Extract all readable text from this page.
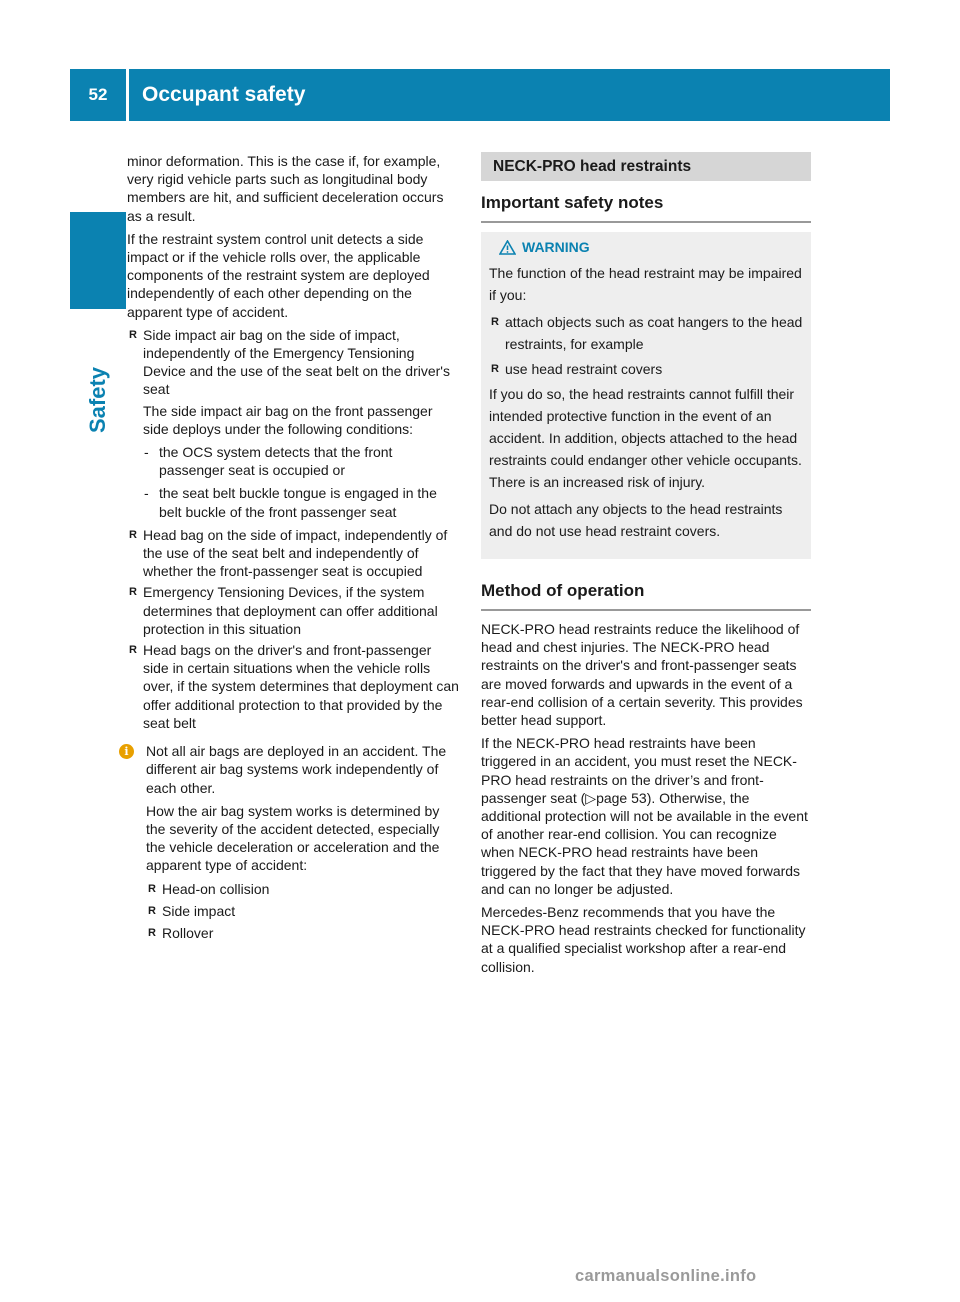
52	Occupant safety
Safety

minor deformation. This is the case if, for example, very rigid vehicle parts such as longitudinal body members are hit, and sufficient deceleration occurs as a result.

If the restraint system control unit detects a side impact or if the vehicle rolls over, the applicable components of the restraint system are deployed independently of each other depending on the apparent type of accident.

R Side impact air bag on the side of impact, independently of the Emergency Tensioning Device and the use of the seat belt on the driver's seat

The side impact air bag on the front passenger side deploys under the following conditions:

- the OCS system detects that the front passenger seat is occupied or
- the seat belt buckle tongue is engaged in the belt buckle of the front passenger seat
R Head bag on the side of impact, independently of the use of the seat belt and independently of whether the front-passenger seat is occupied
R Emergency Tensioning Devices, if the system determines that deployment can offer additional protection in this situation
R Head bags on the driver's and front-passenger side in certain situations when the vehicle rolls over, if the system determines that deployment can offer additional protection to that provided by the seat belt
i	Not all air bags are deployed in an accident. The different air bag systems work independently of each other.

How the air bag system works is determined by the severity of the accident detected, especially the vehicle deceleration or acceleration and the apparent type of accident:

R Head-on collision
R Side impact
R Rollover
NECK-PRO head restraints
Important safety notes
WARNING

The function of the head restraint may be impaired if you:

R attach objects such as coat hangers to the head restraints, for example
R use head restraint covers

If you do so, the head restraints cannot fulfill their intended protective function in the event of an accident. In addition, objects attached to the head restraints could endanger other vehicle occupants. There is an increased risk of injury.

Do not attach any objects to the head restraints and do not use head restraint covers.

Method of operation

NECK-PRO head restraints reduce the likelihood of head and chest injuries. The NECK-PRO head restraints on the driver's and front-passenger seats are moved forwards and upwards in the event of a rear-end collision of a certain severity. This provides better head support.

If the NECK-PRO head restraints have been triggered in an accident, you must reset the NECK-PRO head restraints on the driver’s and front-passenger seat (▷page 53). Otherwise, the additional protection will not be available in the event of another rear-end collision. You can recognize when NECK-PRO head restraints have been triggered by the fact that they have moved forwards and can no longer be adjusted.

Mercedes-Benz recommends that you have the NECK-PRO head restraints checked for functionality at a qualified specialist workshop after a rear-end collision.

carmanualsonline.info
